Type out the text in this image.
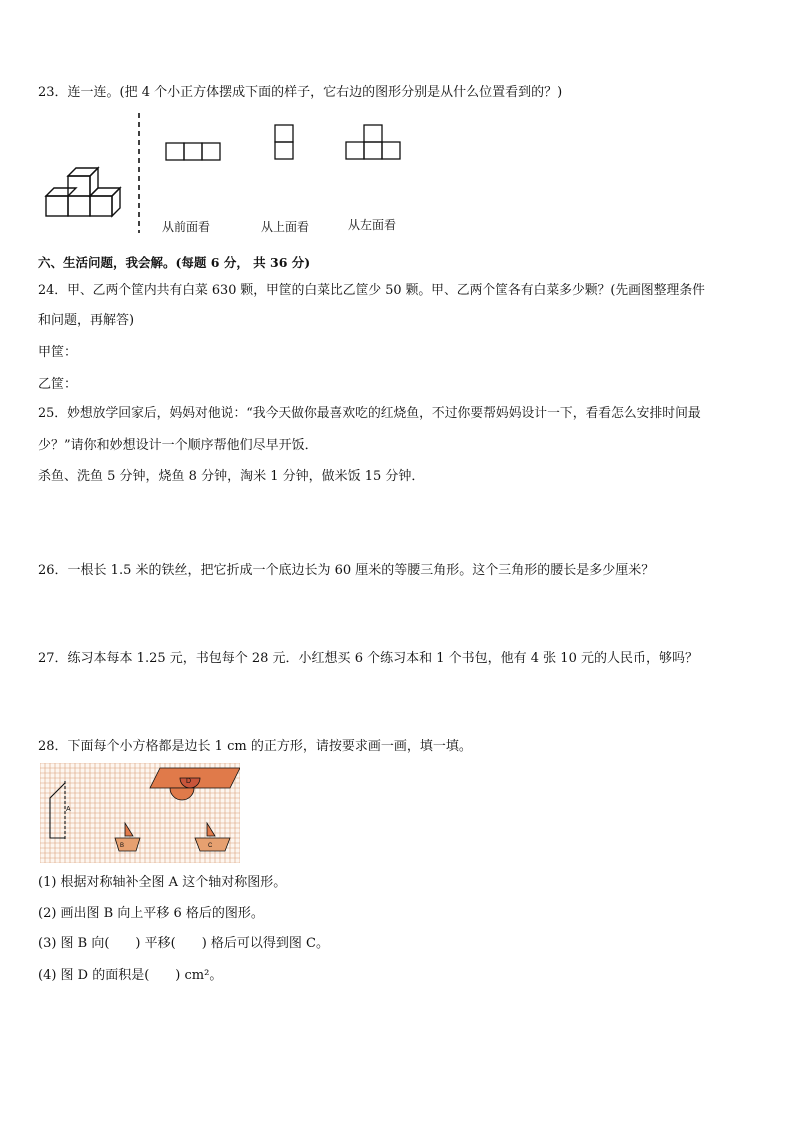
23．连一连。(把 4 个小正方体摆成下面的样子，它右边的图形分别是从什么位置看到的？)
从前面看	从上面看	从左面看
六、生活问题，我会解。(每题 6 分， 共 36 分)
24．甲、乙两个筐内共有白菜 630 颗，甲筐的白菜比乙筐少 50 颗。甲、乙两个筐各有白菜多少颗？(先画图整理条件
和问题，再解答)
甲筐：
乙筐：
25．妙想放学回家后，妈妈对他说：“我今天做你最喜欢吃的红烧鱼，不过你要帮妈妈设计一下，看看怎么安排时间最
少？”请你和妙想设计一个顺序帮他们尽早开饭．
杀鱼、洗鱼 5 分钟，烧鱼 8 分钟，淘米 1 分钟，做米饭 15 分钟．
26．一根长 1.5 米的铁丝，把它折成一个底边长为 60 厘米的等腰三角形。这个三角形的腰长是多少厘米？
27．练习本每本 1.25 元，书包每个 28 元．小红想买 6 个练习本和 1 个书包，他有 4 张 10 元的人民币，够吗？
28．下面每个小方格都是边长 1 cm 的正方形，请按要求画一画，填一填。
A
B	C
D
(1) 根据对称轴补全图 A 这个轴对称图形。
(2) 画出图 B 向上平移 6 格后的图形。
(3) 图 B 向(　　) 平移(　　) 格后可以得到图 C。
(4) 图 D 的面积是(　　) cm²。
